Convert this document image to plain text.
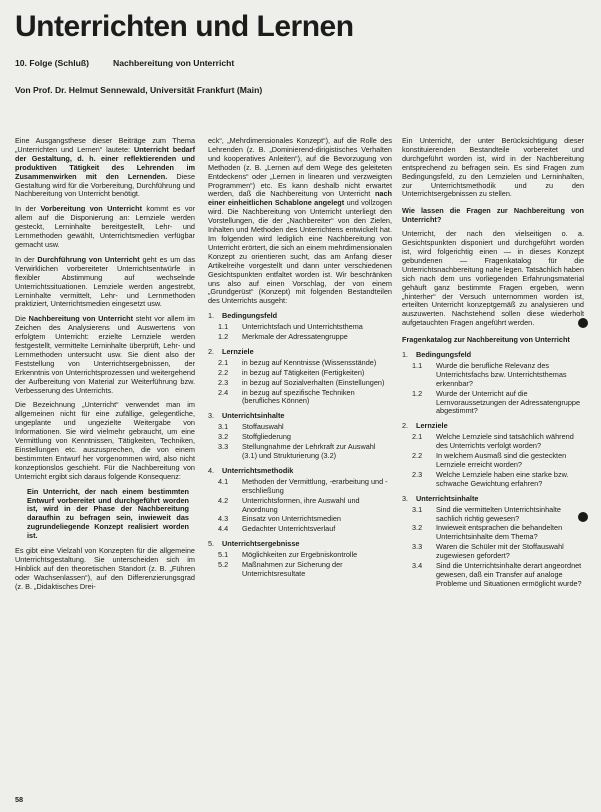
Unterrichten und Lernen
10. Folge (Schluß)	Nachbereitung von Unterricht
Von Prof. Dr. Helmut Sennewald, Universität Frankfurt (Main)

Eine Ausgangsthese dieser Beiträge zum Thema „Unterrichten und Lernen“ lautete: Unterricht bedarf der Gestaltung, d. h. einer reflektierenden und produktiven Tätigkeit des Lehrenden im Zusammenwirken mit den Lernenden. Diese Gestaltung wird für die Vorbereitung, Durchführung und Nachbereitung von Unterricht benötigt.

In der Vorbereitung von Unterricht kommt es vor allem auf die Disponierung an: Lernziele werden gesteckt, Lerninhalte bereitgestellt, Lehr- und Lernmethoden gewählt, Unterrichtsmedien verfügbar gemacht usw.

In der Durchführung von Unterricht geht es um das Verwirklichen vorbereiteter Unterrichtsentwürfe in flexibler Abstimmung auf wechselnde Unterrichtssituationen. Lernziele werden angestrebt, Lerninhalte vermittelt, Lehr- und Lernmethoden praktiziert, Unterrichtsmedien eingesetzt usw.

Die Nachbereitung von Unterricht steht vor allem im Zeichen des Analysierens und Auswertens von erfolgtem Unterricht: erzielte Lernziele werden festgestellt, vermittelte Lerninhalte überprüft, Lehr- und Lernmethoden untersucht usw. Sie dient also der Feststellung von Unterrichtsergebnissen, der Erkenntnis von Unterrichtsprozessen und weitergehend der Aufbereitung von Material zur Weiterführung bzw. Verbesserung des Unterrichts.

Die Bezeichnung „Unterricht“ verwendet man im allgemeinen nicht für eine zufällige, gelegentliche, ungeplante und ungezielte Weitergabe von Informationen. Sie wird vielmehr gebraucht, um eine Vermittlung von Kenntnissen, Tätigkeiten, Techniken, Einstellungen etc. auszusprechen, die von einem bestimmten Entwurf her vorgenommen wird, also nicht konzeptionslos geschieht. Für die Nachbereitung von Unterricht ergibt sich daraus folgende Konsequenz:

Ein Unterricht, der nach einem bestimmten Entwurf vorbereitet und durchgeführt worden ist, wird in der Phase der Nachbereitung daraufhin zu befragen sein, inwieweit das zugrundeliegende Konzept realisiert worden ist.

Es gibt eine Vielzahl von Konzepten für die allgemeine Unterrichtsgestaltung. Sie unterscheiden sich im Hinblick auf den theoretischen Standort (z. B. „Führen oder Wachsenlassen“), auf den Differenzierungsgrad (z. B. „Didaktisches Drei-

eck“, „Mehrdimensionales Konzept“), auf die Rolle des Lehrenden (z. B. „Dominierend-dirigistisches Verhalten und kooperatives Anleiten“), auf die Bevorzugung von Methoden (z. B. „Lernen auf dem Wege des geleiteten Entdeckens“ oder „Lernen in linearen und verzweigten Programmen“) etc. Es kann deshalb nicht erwartet werden, daß die Nachbereitung von Unterricht nach einer einheitlichen Schablone angelegt und vollzogen wird. Die Nachbereitung von Unterricht unterliegt den Vorstellungen, die der „Nachbereiter“ von den Zielen, Inhalten und Methoden des Unterrichtens entwickelt hat. Im folgenden wird lediglich eine Nachbereitung von Unterricht erörtert, die sich an einem mehrdimensionalen Konzept zu orientieren sucht, das am Anfang dieser Artikelreihe vorgestellt und dann unter verschiedenen Gesichtspunkten entfaltet worden ist. Wir beschränken uns also auf einen Vorschlag, der von einem „Grundgerüst“ (Konzept) mit folgenden Bestandteilen des Unterrichts ausgeht:

1.	Bedingungsfeld
1.1	Unterrichtsfach und Unterrichtsthema
1.2	Merkmale der Adressatengruppe
2.	Lernziele
2.1	in bezug auf Kenntnisse (Wissensstände)
2.2	in bezug auf Tätigkeiten (Fertigkeiten)
2.3	in bezug auf Sozialverhalten (Einstellungen)
2.4	in bezug auf spezifische Techniken (berufliches Können)
3.	Unterrichtsinhalte
3.1	Stoffauswahl
3.2	Stoffgliederung
3.3	Stellungnahme der Lehrkraft zur Auswahl (3.1) und Strukturierung (3.2)
4.	Unterrichtsmethodik
4.1	Methoden der Vermittlung, -erarbeitung und -erschließung
4.2	Unterrichtsformen, ihre Auswahl und Anordnung
4.3	Einsatz von Unterrichtsmedien
4.4	Gedachter Unterrichtsverlauf
5.	Unterrichtsergebnisse
5.1	Möglichkeiten zur Ergebniskontrolle
5.2	Maßnahmen zur Sicherung der Unterrichtsresultate

Ein Unterricht, der unter Berücksichtigung dieser konstituierenden Bestandteile vorbereitet und durchgeführt worden ist, wird in der Nachbereitung entsprechend zu befragen sein. Es sind Fragen zum Bedingungsfeld, zu den Lernzielen und Lerninhalten, zur Unterrichtsmethodik und zu den Unterrichtsergebnissen zu stellen.

Wie lassen die Fragen zur Nachbereitung von Unterricht?

Unterricht, der nach den vielseitigen o. a. Gesichtspunkten disponiert und durchgeführt worden ist, wird folgerichtig einen — in dieses Konzept gebundenen — Fragenkatalog für die Unterrichtsnachbereitung nahe legen. Tatsächlich haben sich nach dem uns vorliegenden Erfahrungsmaterial gehäuft ganz bestimmte Fragen ergeben, wenn „hinterher“ der Versuch unternommen worden ist, erteilten Unterricht konzeptgemäß zu analysieren und auszuwerten. Nachstehend sollen diese wiederholt aufgetauchten Fragen angeführt werden.

Fragenkatalog zur Nachbereitung von Unterricht
1.	Bedingungsfeld
1.1	Wurde die berufliche Relevanz des Unterrichtsfachs bzw. Unterrichtsthemas erkennbar?
1.2	Wurde der Unterricht auf die Lernvoraussetzungen der Adressatengruppe abgestimmt?
2.	Lernziele
2.1	Welche Lernziele sind tatsächlich während des Unterrichts verfolgt worden?
2.2	In welchem Ausmaß sind die gesteckten Lernziele erreicht worden?
2.3	Welche Lernziele haben eine starke bzw. schwache Gewichtung erfahren?
3.	Unterrichtsinhalte
3.1	Sind die vermittelten Unterrichtsinhalte sachlich richtig gewesen?
3.2	Inwieweit entsprachen die behandelten Unterrichtsinhalte dem Thema?
3.3	Waren die Schüler mit der Stoffauswahl zugewiesen gefordert?
3.4	Sind die Unterrichtsinhalte derart angeordnet gewesen, daß ein Transfer auf analoge Probleme und Situationen ermöglicht wurde?
58
